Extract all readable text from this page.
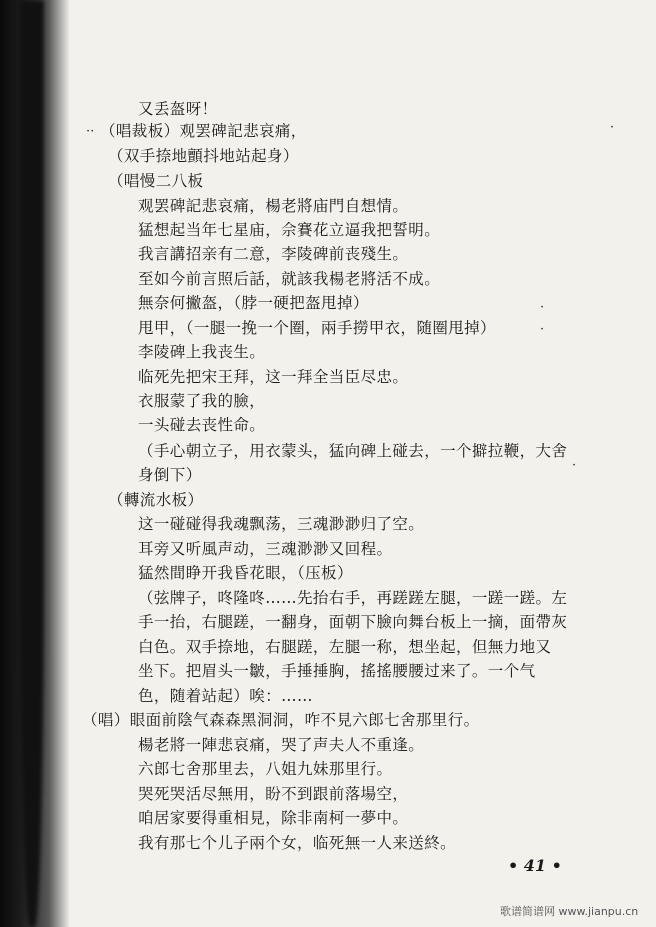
又丢盔呀！
·· （唱裁板）观罢碑記悲哀痛，
（双手捺地顫抖地站起身）
（唱慢二八板
观罢碑記悲哀痛，楊老將庙門自想情。
猛想起当年七星庙，佘賽花立逼我把誓明。
我言講招亲有二意，李陵碑前丧殘生。
至如今前言照后話，就該我楊老將活不成。
無奈何撇盔，（脖一硬把盔甩掉）	·
甩甲，（一腿一挽一个圈，兩手撈甲衣，随圈甩掉）	·
李陵碑上我丧生。
临死先把宋王拜，这一拜全当臣尽忠。
衣服蒙了我的臉，
一头碰去丧性命。
（手心朝立子，用衣蒙头，猛向碑上碰去，一个擗拉鞭，大舍
身倒下）
（轉流水板）
这一碰碰得我魂飘荡，三魂渺渺归了空。
耳旁又听風声动，三魂渺渺又回程。
猛然間睁开我昏花眼，（压板）
（弦牌子，咚隆咚……先抬右手，再蹉蹉左腿，一蹉一蹉。左
手一抬，右腿蹉，一翻身，面朝下臉向舞台板上一摘，面帶灰
白色。双手捺地，右腿蹉，左腿一称，想坐起，但無力地又
坐下。把眉头一皺，手捶捶胸，搖搖腰腰过来了。一个气
色，随着站起）唉：……
（唱）眼面前陰气森森黑洞洞，咋不見六郎七舍那里行。
楊老將一陣悲哀痛，哭了声夫人不重逢。
六郎七舍那里去，八姐九妹那里行。
哭死哭活尽無用，盼不到跟前落場空，
咱居家要得重相見，除非南柯一夢中。
我有那七个儿子兩个女，临死無一人来送終。
·
·
• 41 •
歌谱简谱网 www.jianpu.cn
